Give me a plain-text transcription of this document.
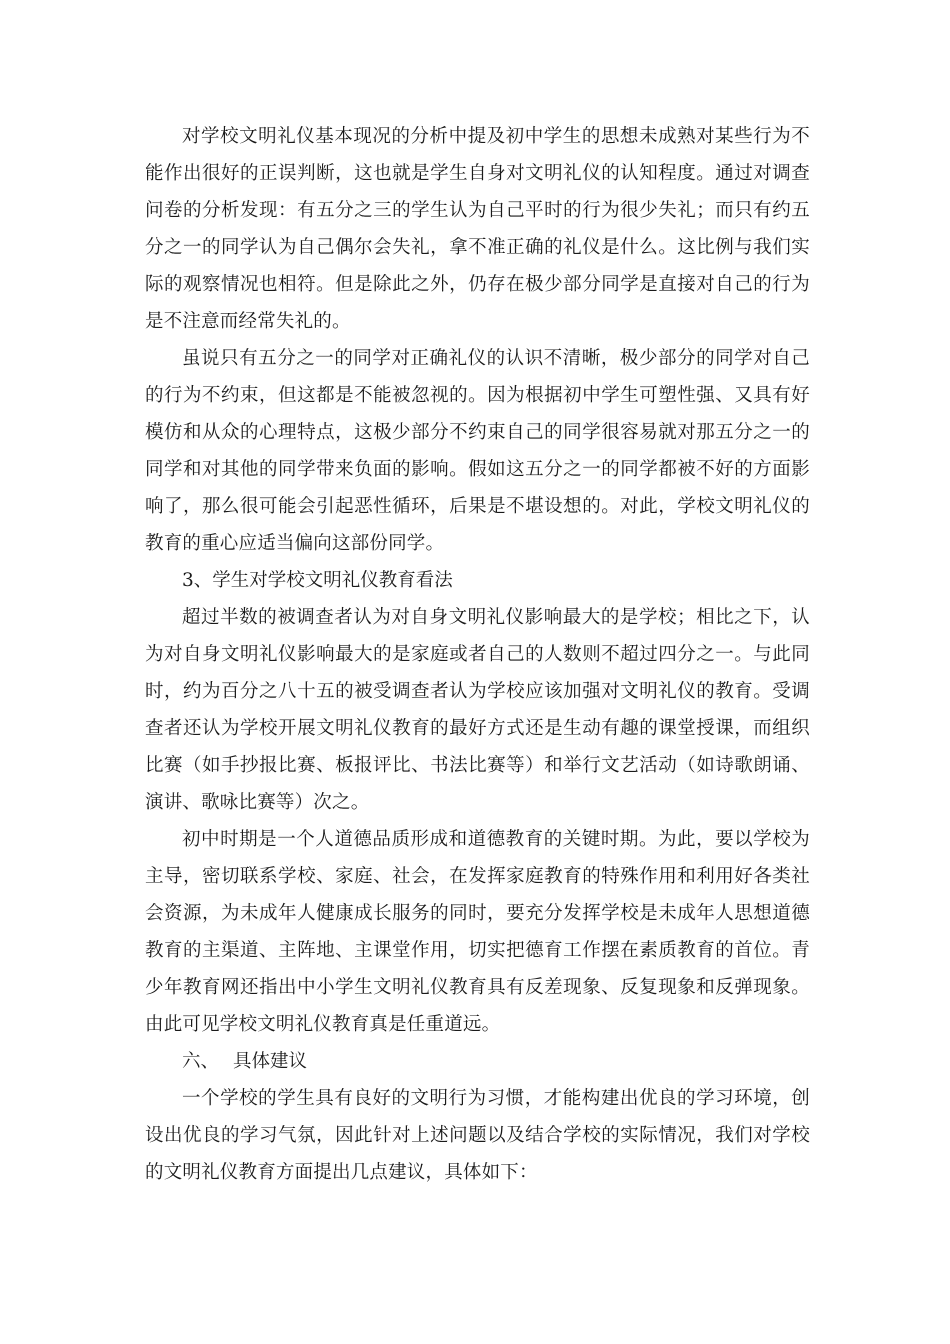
对学校文明礼仪基本现况的分析中提及初中学生的思想未成熟对某些行为不能作出很好的正误判断，这也就是学生自身对文明礼仪的认知程度。通过对调查问卷的分析发现：有五分之三的学生认为自己平时的行为很少失礼；而只有约五分之一的同学认为自己偶尔会失礼，拿不准正确的礼仪是什么。这比例与我们实际的观察情况也相符。但是除此之外，仍存在极少部分同学是直接对自己的行为是不注意而经常失礼的。

虽说只有五分之一的同学对正确礼仪的认识不清晰，极少部分的同学对自己的行为不约束，但这都是不能被忽视的。因为根据初中学生可塑性强、又具有好模仿和从众的心理特点，这极少部分不约束自己的同学很容易就对那五分之一的同学和对其他的同学带来负面的影响。假如这五分之一的同学都被不好的方面影响了，那么很可能会引起恶性循环，后果是不堪设想的。对此，学校文明礼仪的教育的重心应适当偏向这部份同学。

3、学生对学校文明礼仪教育看法

超过半数的被调查者认为对自身文明礼仪影响最大的是学校；相比之下，认为对自身文明礼仪影响最大的是家庭或者自己的人数则不超过四分之一。与此同时，约为百分之八十五的被受调查者认为学校应该加强对文明礼仪的教育。受调查者还认为学校开展文明礼仪教育的最好方式还是生动有趣的课堂授课，而组织比赛（如手抄报比赛、板报评比、书法比赛等）和举行文艺活动（如诗歌朗诵、演讲、歌咏比赛等）次之。

初中时期是一个人道德品质形成和道德教育的关键时期。为此，要以学校为主导，密切联系学校、家庭、社会，在发挥家庭教育的特殊作用和利用好各类社会资源，为未成年人健康成长服务的同时，要充分发挥学校是未成年人思想道德教育的主渠道、主阵地、主课堂作用，切实把德育工作摆在素质教育的首位。青少年教育网还指出中小学生文明礼仪教育具有反差现象、反复现象和反弹现象。由此可见学校文明礼仪教育真是任重道远。

六、 具体建议

一个学校的学生具有良好的文明行为习惯，才能构建出优良的学习环境，创设出优良的学习气氛，因此针对上述问题以及结合学校的实际情况，我们对学校的文明礼仪教育方面提出几点建议，具体如下：
